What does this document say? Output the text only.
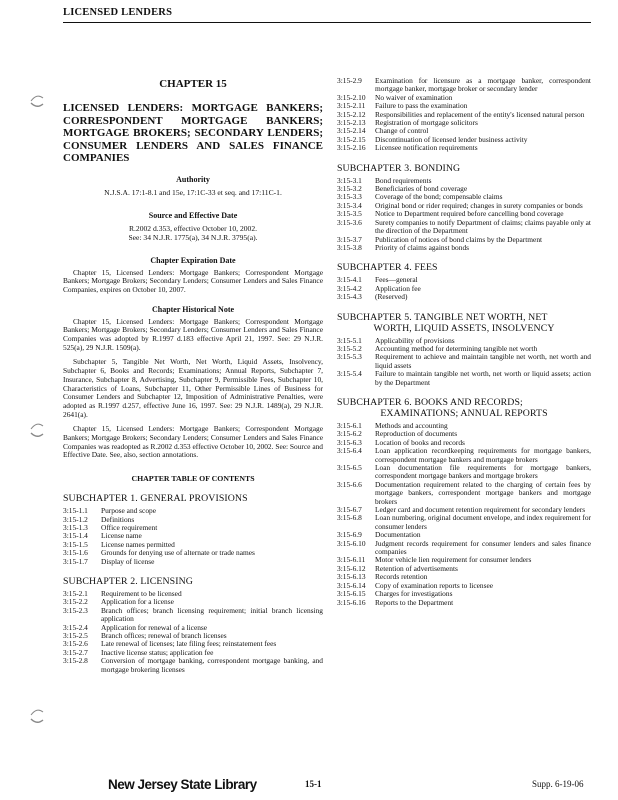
LICENSED LENDERS
CHAPTER 15
LICENSED LENDERS: MORTGAGE BANKERS; CORRESPONDENT MORTGAGE BANKERS; MORTGAGE BROKERS; SECONDARY LENDERS; CONSUMER LENDERS AND SALES FINANCE COMPANIES
Authority
N.J.S.A. 17:1-8.1 and 15e, 17:1C-33 et seq. and 17:11C-1.
Source and Effective Date
R.2002 d.353, effective October 10, 2002.
See: 34 N.J.R. 1775(a), 34 N.J.R. 3795(a).
Chapter Expiration Date
Chapter 15, Licensed Lenders: Mortgage Bankers; Correspondent Mortgage Bankers; Mortgage Brokers; Secondary Lenders; Consumer Lenders and Sales Finance Companies, expires on October 10, 2007.
Chapter Historical Note
Chapter 15, Licensed Lenders: Mortgage Bankers; Correspondent Mortgage Bankers; Mortgage Brokers; Secondary Lenders; Consumer Lenders and Sales Finance Companies was adopted by R.1997 d.183 effective April 21, 1997. See: 29 N.J.R. 525(a), 29 N.J.R. 1509(a).
Subchapter 5, Tangible Net Worth, Net Worth, Liquid Assets, Insolvency, Subchapter 6, Books and Records; Examinations; Annual Reports, Subchapter 7, Insurance, Subchapter 8, Advertising, Subchapter 9, Permissible Fees, Subchapter 10, Characteristics of Loans, Subchapter 11, Other Permissible Lines of Business for Consumer Lenders and Subchapter 12, Imposition of Administrative Penalties, were adopted as R.1997 d.257, effective June 16, 1997. See: 29 N.J.R. 1489(a), 29 N.J.R. 2641(a).
Chapter 15, Licensed Lenders: Mortgage Bankers; Correspondent Mortgage Bankers; Mortgage Brokers; Secondary Lenders; Consumer Lenders and Sales Finance Companies was readopted as R.2002 d.353 effective October 10, 2002. See: Source and Effective Date. See, also, section annotations.
CHAPTER TABLE OF CONTENTS
SUBCHAPTER 1. GENERAL PROVISIONS
3:15-1.1	Purpose and scope
3:15-1.2	Definitions
3:15-1.3	Office requirement
3:15-1.4	License name
3:15-1.5	License names permitted
3:15-1.6	Grounds for denying use of alternate or trade names
3:15-1.7	Display of license
SUBCHAPTER 2. LICENSING
3:15-2.1	Requirement to be licensed
3:15-2.2	Application for a license
3:15-2.3	Branch offices; branch licensing requirement; initial branch licensing application
3:15-2.4	Application for renewal of a license
3:15-2.5	Branch offices; renewal of branch licenses
3:15-2.6	Late renewal of licenses; late filing fees; reinstatement fees
3:15-2.7	Inactive license status; application fee
3:15-2.8	Conversion of mortgage banking, correspondent mortgage banking, and mortgage brokering licenses
3:15-2.9	Examination for licensure as a mortgage banker, correspondent mortgage banker, mortgage broker or secondary lender
3:15-2.10	No waiver of examination
3:15-2.11	Failure to pass the examination
3:15-2.12	Responsibilities and replacement of the entity's licensed natural person
3:15-2.13	Registration of mortgage solicitors
3:15-2.14	Change of control
3:15-2.15	Discontinuation of licensed lender business activity
3:15-2.16	Licensee notification requirements
SUBCHAPTER 3. BONDING
3:15-3.1	Bond requirements
3:15-3.2	Beneficiaries of bond coverage
3:15-3.3	Coverage of the bond; compensable claims
3:15-3.4	Original bond or rider required; changes in surety companies or bonds
3:15-3.5	Notice to Department required before cancelling bond coverage
3:15-3.6	Surety companies to notify Department of claims; claims payable only at the direction of the Department
3:15-3.7	Publication of notices of bond claims by the Department
3:15-3.8	Priority of claims against bonds
SUBCHAPTER 4. FEES
3:15-4.1	Fees—general
3:15-4.2	Application fee
3:15-4.3	(Reserved)
SUBCHAPTER 5. TANGIBLE NET WORTH, NET
WORTH, LIQUID ASSETS, INSOLVENCY
3:15-5.1	Applicability of provisions
3:15-5.2	Accounting method for determining tangible net worth
3:15-5.3	Requirement to achieve and maintain tangible net worth, net worth and liquid assets
3:15-5.4	Failure to maintain tangible net worth, net worth or liquid assets; action by the Department
SUBCHAPTER 6. BOOKS AND RECORDS;
EXAMINATIONS; ANNUAL REPORTS
3:15-6.1	Methods and accounting
3:15-6.2	Reproduction of documents
3:15-6.3	Location of books and records
3:15-6.4	Loan application recordkeeping requirements for mortgage bankers, correspondent mortgage bankers and mortgage brokers
3:15-6.5	Loan documentation file requirements for mortgage bankers, correspondent mortgage bankers and mortgage brokers
3:15-6.6	Documentation requirement related to the charging of certain fees by mortgage bankers, correspondent mortgage bankers and mortgage brokers
3:15-6.7	Ledger card and document retention requirement for secondary lenders
3:15-6.8	Loan numbering, original document envelope, and index requirement for consumer lenders
3:15-6.9	Documentation
3:15-6.10	Judgment records requirement for consumer lenders and sales finance companies
3:15-6.11	Motor vehicle lien requirement for consumer lenders
3:15-6.12	Retention of advertisements
3:15-6.13	Records retention
3:15-6.14	Copy of examination reports to licensee
3:15-6.15	Charges for investigations
3:15-6.16	Reports to the Department
New Jersey State Library	15-1	Supp. 6-19-06
